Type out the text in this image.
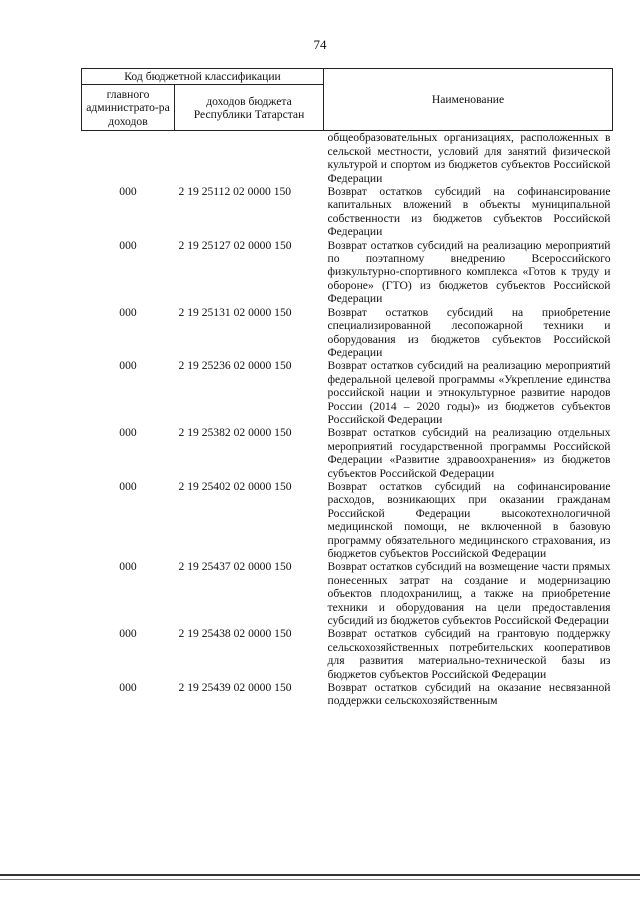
74
Код бюджетной классификации		Наименование
главного администрато-ра доходов	доходов бюджета Республики Татарстан	
		общеобразовательных организациях, расположенных в сельской местности, условий для занятий физической культурой и спортом из бюджетов субъектов Российской Федерации
000	2 19 25112 02 0000 150	Возврат остатков субсидий на софинансирование капитальных вложений в объекты муниципальной собственности из бюджетов субъектов Российской Федерации
000	2 19 25127 02 0000 150	Возврат остатков субсидий на реализацию мероприятий по поэтапному внедрению Всероссийского физкультурно-спортивного комплекса «Готов к труду и обороне» (ГТО) из бюджетов субъектов Российской Федерации
000	2 19 25131 02 0000 150	Возврат остатков субсидий на приобретение специализированной лесопожарной техники и оборудования из бюджетов субъектов Российской Федерации
000	2 19 25236 02 0000 150	Возврат остатков субсидий на реализацию мероприятий федеральной целевой программы «Укрепление единства российской нации и этнокультурное развитие народов России (2014 – 2020 годы)» из бюджетов субъектов Российской Федерации
000	2 19 25382 02 0000 150	Возврат остатков субсидий на реализацию отдельных мероприятий государственной программы Российской Федерации «Развитие здравоохранения» из бюджетов субъектов Российской Федерации
000	2 19 25402 02 0000 150	Возврат остатков субсидий на софинансирование расходов, возникающих при оказании гражданам Российской Федерации высокотехнологичной медицинской помощи, не включенной в базовую программу обязательного медицинского страхования, из бюджетов субъектов Российской Федерации
000	2 19 25437 02 0000 150	Возврат остатков субсидий на возмещение части прямых понесенных затрат на создание и модернизацию объектов плодохранилищ, а также на приобретение техники и оборудования на цели предоставления субсидий из бюджетов субъектов Российской Федерации
000	2 19 25438 02 0000 150	Возврат остатков субсидий на грантовую поддержку сельскохозяйственных потребительских кооперативов для развития материально-технической базы из бюджетов субъектов Российской Федерации
000	2 19 25439 02 0000 150	Возврат остатков субсидий на оказание несвязанной поддержки сельскохозяйственным
